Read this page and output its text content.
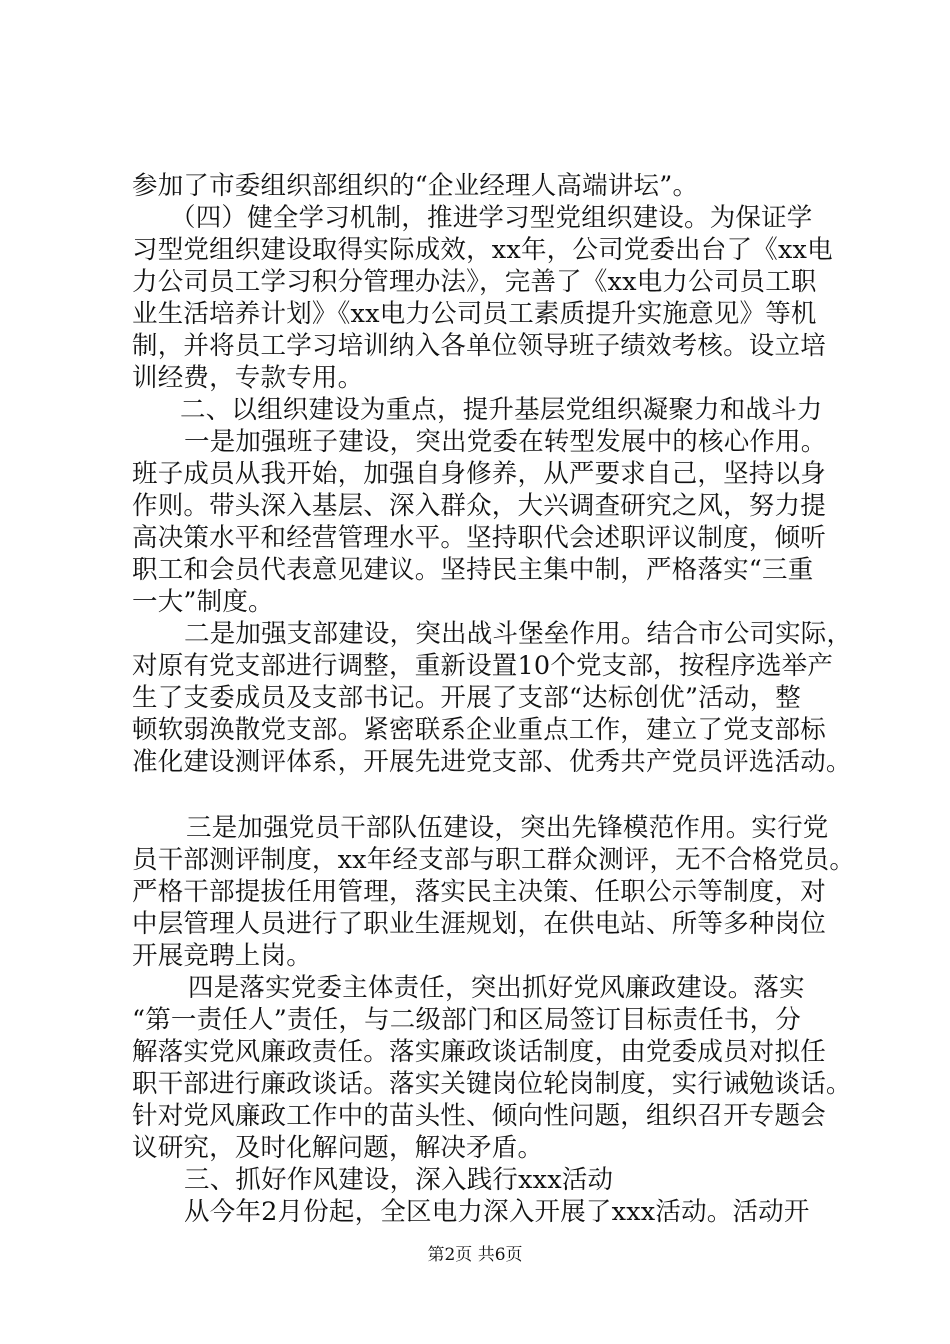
参加了市委组织部组织的“企业经理人高端讲坛”。
（四）健全学习机制，推进学习型党组织建设。为保证学
习型党组织建设取得实际成效，xx年，公司党委出台了《xx电
力公司员工学习积分管理办法》，完善了《xx电力公司员工职
业生活培养计划》《xx电力公司员工素质提升实施意见》等机
制，并将员工学习培训纳入各单位领导班子绩效考核。设立培
训经费，专款专用。
二、以组织建设为重点，提升基层党组织凝聚力和战斗力
一是加强班子建设，突出党委在转型发展中的核心作用。
班子成员从我开始，加强自身修养，从严要求自己，坚持以身
作则。带头深入基层、深入群众，大兴调查研究之风，努力提
高决策水平和经营管理水平。坚持职代会述职评议制度，倾听
职工和会员代表意见建议。坚持民主集中制，严格落实“三重
一大”制度。
二是加强支部建设，突出战斗堡垒作用。结合市公司实际，
对原有党支部进行调整，重新设置10个党支部，按程序选举产
生了支委成员及支部书记。开展了支部“达标创优”活动，整
顿软弱涣散党支部。紧密联系企业重点工作，建立了党支部标
准化建设测评体系，开展先进党支部、优秀共产党员评选活动。
三是加强党员干部队伍建设，突出先锋模范作用。实行党
员干部测评制度，xx年经支部与职工群众测评，无不合格党员。
严格干部提拔任用管理，落实民主决策、任职公示等制度，对
中层管理人员进行了职业生涯规划，在供电站、所等多种岗位
开展竞聘上岗。
四是落实党委主体责任，突出抓好党风廉政建设。落实
“第一责任人”责任，与二级部门和区局签订目标责任书，分
解落实党风廉政责任。落实廉政谈话制度，由党委成员对拟任
职干部进行廉政谈话。落实关键岗位轮岗制度，实行诫勉谈话。
针对党风廉政工作中的苗头性、倾向性问题，组织召开专题会
议研究，及时化解问题，解决矛盾。
三、抓好作风建设，深入践行xxx活动
从今年2月份起，全区电力深入开展了xxx活动。活动开
第2页 共6页
